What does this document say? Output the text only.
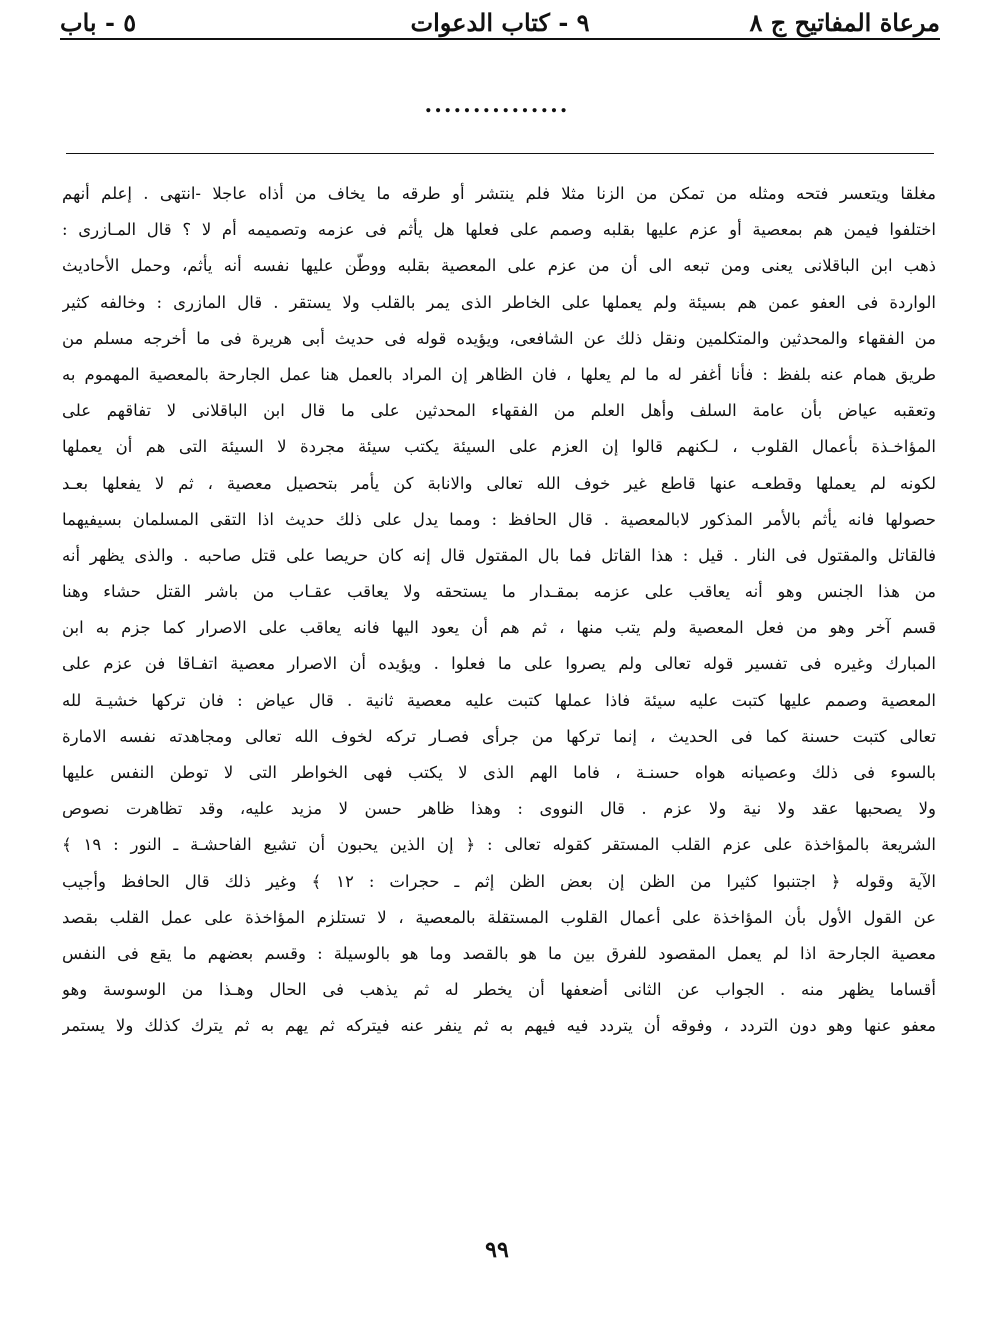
مرعاة المفاتيح ج ٨
٩ - كتاب الدعوات
٥ - باب
...............
مغلقا ويتعسر فتحه ومثله من تمكن من الزنا مثلا فلم ينتشر أو طرقه ما يخاف من أذاه عاجلا -انتهى . إعلم أنهم
اختلفوا فيمن هم بمعصية أو عزم عليها بقلبه وصمم على فعلها هل يأثم فى عزمه وتصميمه أم لا ؟ قال المـازرى :
ذهب ابن الباقلانى يعنى ومن تبعه الى أن من عزم على المعصية بقلبه ووطّن عليها نفسه أنه يأثم، وحمل الأحاديث
الواردة فى العفو عمن هم بسيئة ولم يعملها على الخاطر الذى يمر بالقلب ولا يستقر . قال المازرى : وخالفه كثير
من الفقهاء والمحدثين والمتكلمين ونقل ذلك عن الشافعى، ويؤيده قوله فى حديث أبى هريرة فى ما أخرجه مسلم من
طريق همام عنه بلفظ : فأنا أغفر له ما لم يعلها ، فان الظاهر إن المراد بالعمل هنا عمل الجارحة بالمعصية المهموم به
وتعقبه عياض بأن عامة السلف وأهل العلم من الفقهاء المحدثين على ما قال ابن الباقلانى لا تفاقهم على
المؤاخـذة بأعمال القلوب ، لـكنهم قالوا إن العزم على السيئة يكتب سيئة مجردة لا السيئة التى هم أن يعملها
لكونه لم يعملها وقطعـه عنها قاطع غير خوف الله تعالى والانابة كن يأمر بتحصيل معصية ، ثم لا يفعلها بعـد
حصولها فانه يأثم بالأمر المذكور لابالمعصية . قال الحافظ : ومما يدل على ذلك حديث اذا التقى المسلمان بسيفيهما
فالقاتل والمقتول فى النار . قيل : هذا القاتل فما بال المقتول قال إنه كان حريصا على قتل صاحبه . والذى يظهر أنه
من هذا الجنس وهو أنه يعاقب على عزمه بمقـدار ما يستحقه ولا يعاقب عقـاب من باشر القتل حشاء وهنا
قسم آخر وهو من فعل المعصية ولم يتب منها ، ثم هم أن يعود اليها فانه يعاقب على الاصرار كما جزم به ابن
المبارك وغيره فى تفسير قوله تعالى ولم يصروا على ما فعلوا . ويؤيده أن الاصرار معصية اتفـاقا فن عزم على
المعصية وصمم عليها كتبت عليه سيئة فاذا عملها كتبت عليه معصية ثانية . قال عياض : فان تركها خشيـة لله
تعالى كتبت حسنة كما فى الحديث ، إنما تركها من جرأى فصـار تركه لخوف الله تعالى ومجاهدته نفسه الامارة
بالسوء فى ذلك وعصيانه هواه حسنـة ، فاما الهم الذى لا يكتب فهى الخواطر التى لا توطن النفس عليها
ولا يصحبها عقد ولا نية ولا عزم . قال النووى : وهذا ظاهر حسن لا مزيد عليه، وقد تظاهرت نصوص
الشريعة بالمؤاخذة على عزم القلب المستقر كقوله تعالى : ﴿ إن الذين يحبون أن تشيع الفاحشـة ـ النور : ١٩ ﴾
الآية وقوله ﴿ اجتنبوا كثيرا من الظن إن بعض الظن إثم ـ حجرات : ١٢ ﴾ وغير ذلك قال الحافظ وأجيب
عن القول الأول بأن المؤاخذة على أعمال القلوب المستقلة بالمعصية ، لا تستلزم المؤاخذة على عمل القلب بقصد
معصية الجارحة اذا لم يعمل المقصود للفرق بين ما هو بالقصد وما هو بالوسيلة : وقسم بعضهم ما يقع فى النفس
أقساما يظهر منه . الجواب عن الثانى أضعفها أن يخطر له ثم يذهب فى الحال وهـذا من الوسوسة وهو
معفو عنها وهو دون التردد ، وفوقه أن يتردد فيه فيهم به ثم ينفر عنه فيتركه ثم يهم به ثم يترك كذلك ولا يستمر
٩٩
